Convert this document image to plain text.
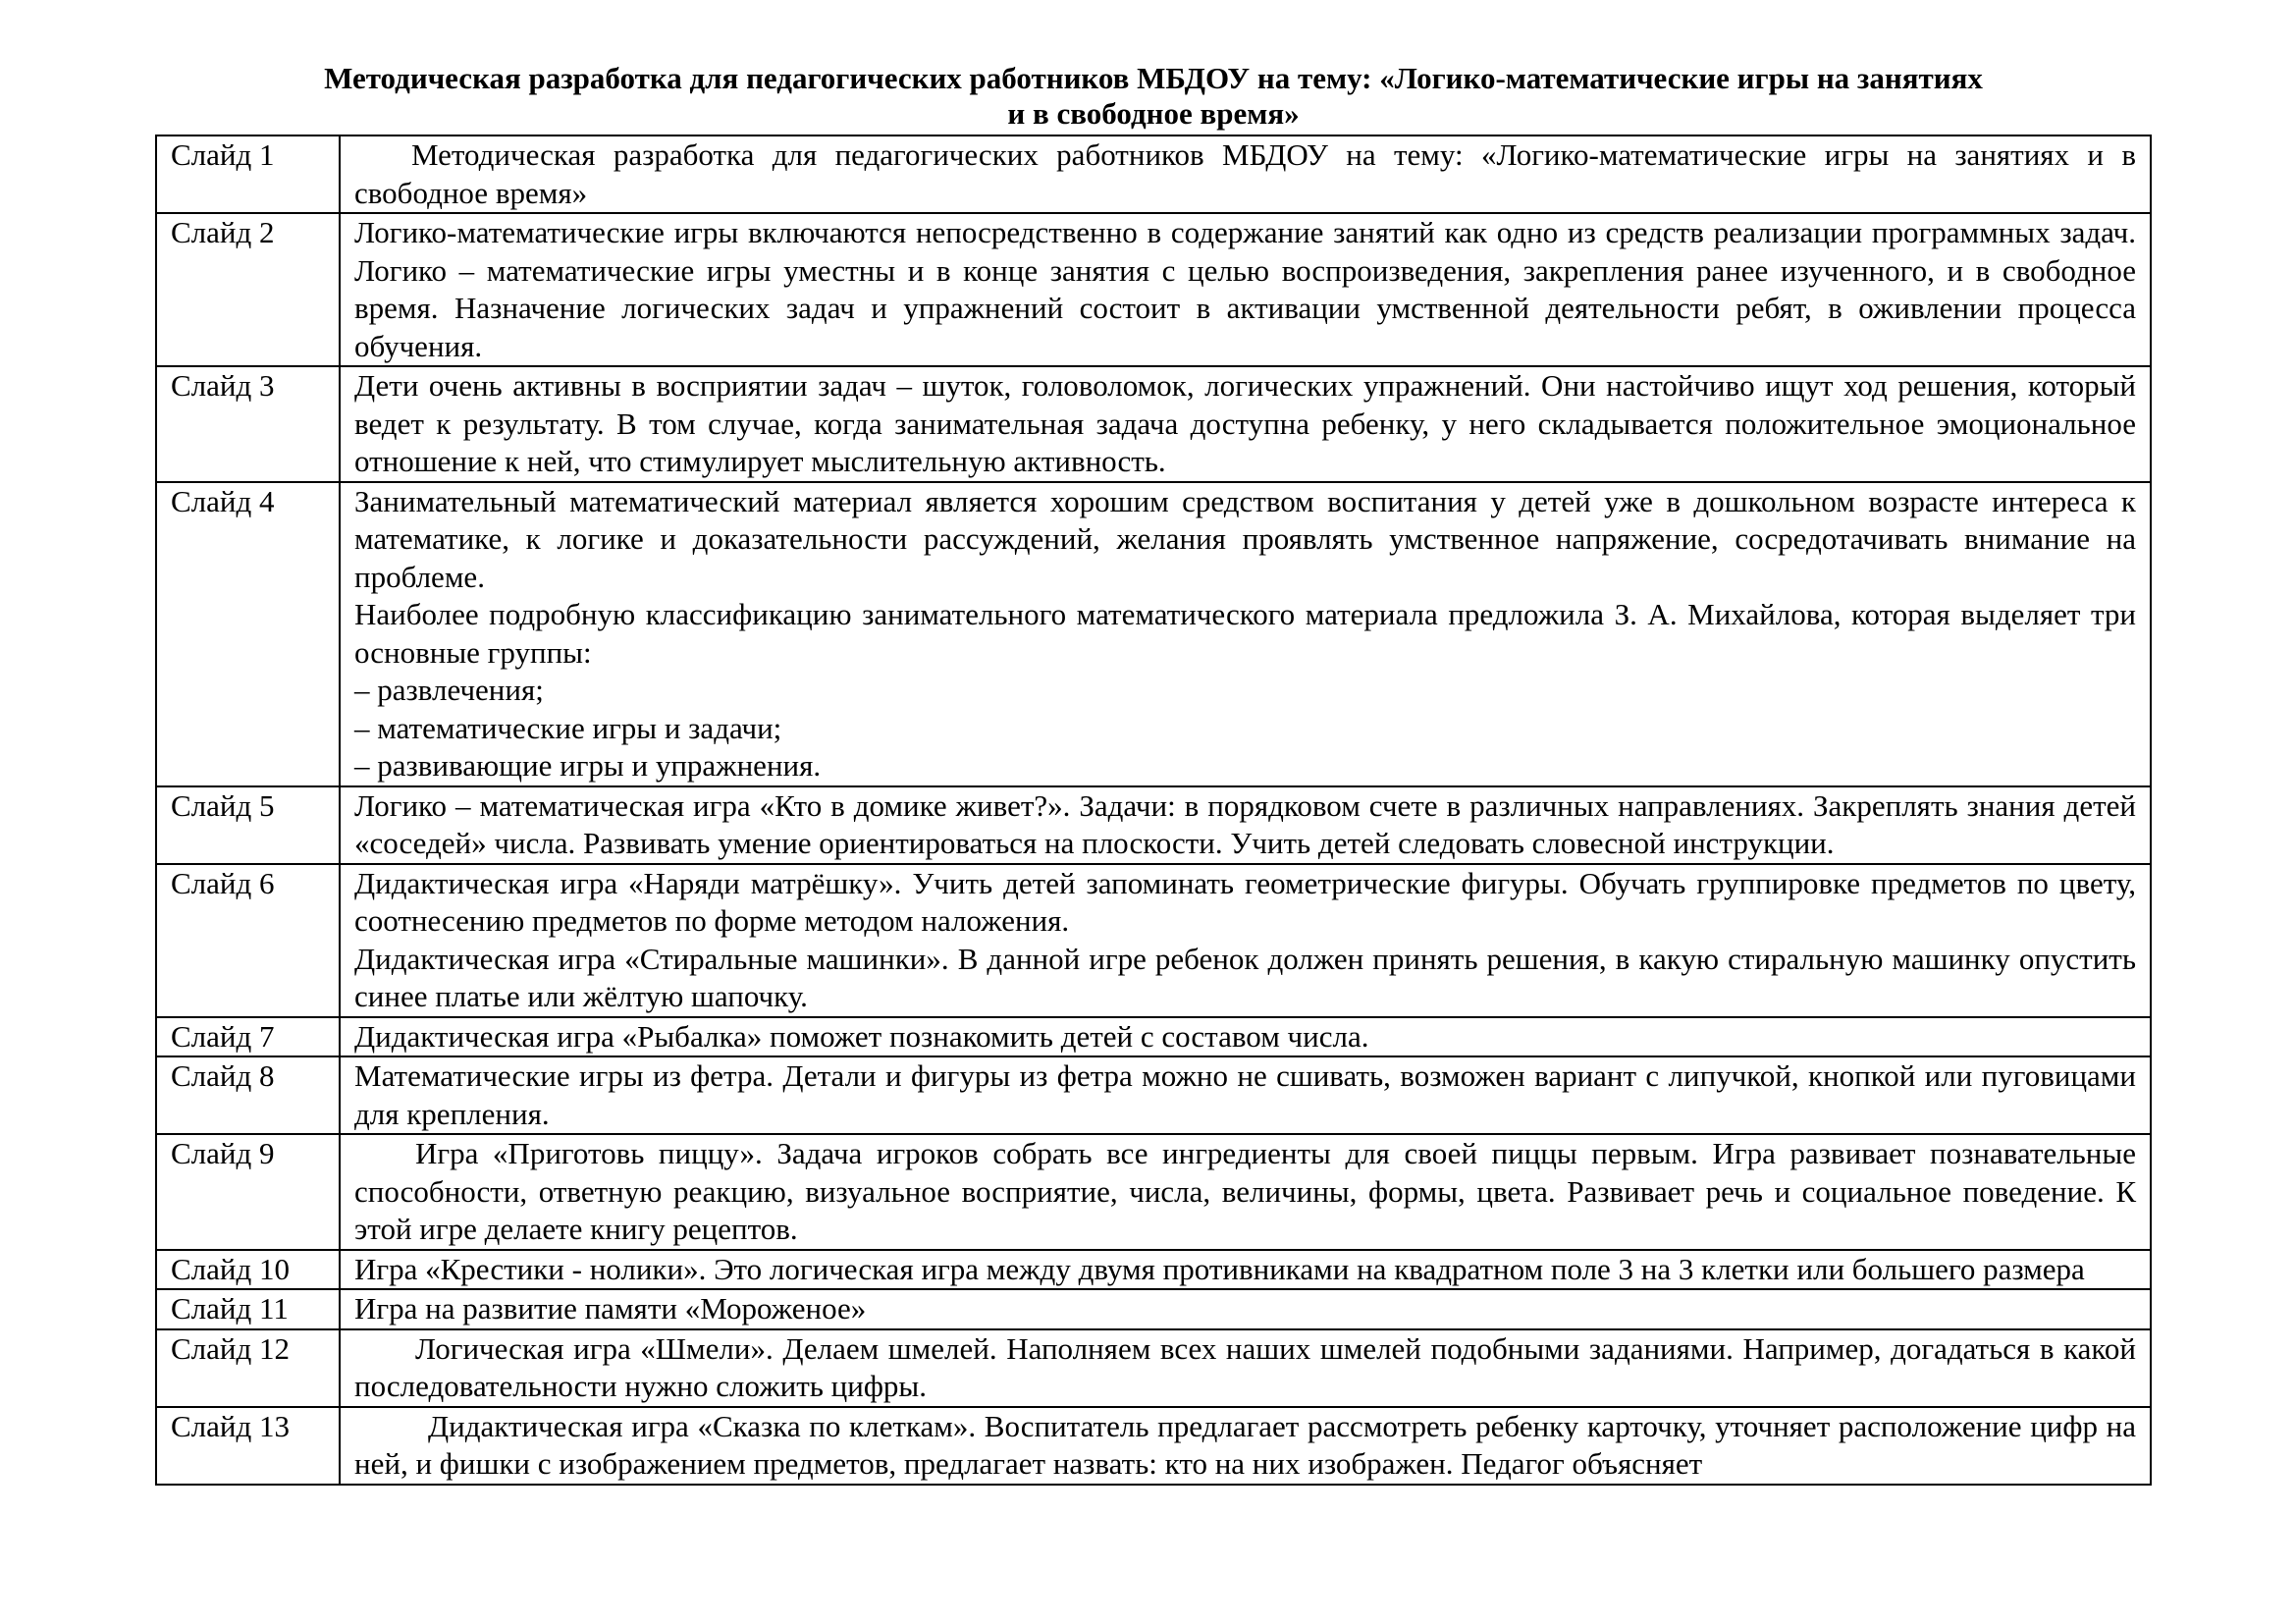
Методическая разработка для педагогических работников МБДОУ на тему: «Логико-математические игры на занятиях
и в свободное время»
Слайд 1	Методическая разработка для педагогических работников МБДОУ на тему: «Логико-математические игры на занятиях и в свободное время»

Слайд 2	Логико-математические игры включаются непосредственно в содержание занятий как одно из средств реализации программных задач. Логико – математические игры уместны и в конце занятия с целью воспроизведения, закрепления ранее изученного, и в свободное время. Назначение логических задач и упражнений состоит в активации умственной деятельности ребят, в оживлении процесса обучения.

Слайд 3	Дети очень активны в восприятии задач – шуток, головоломок, логических упражнений. Они настойчиво ищут ход решения, который ведет к результату. В том случае, когда занимательная задача доступна ребенку, у него складывается положительное эмоциональное отношение к ней, что стимулирует мыслительную активность.

Слайд 4	Занимательный математический материал является хорошим средством воспитания у детей уже в дошкольном возрасте интереса к математике, к логике и доказательности рассуждений, желания проявлять умственное напряжение, сосредотачивать внимание на проблеме.

Наиболее подробную классификацию занимательного математического материала предложила З. А. Михайлова, которая выделяет три основные группы:

– развлечения;

– математические игры и задачи;

– развивающие игры и упражнения.

Слайд 5	Логико – математическая игра «Кто в домике живет?». Задачи: в порядковом счете в различных направлениях. Закреплять знания детей «соседей» числа. Развивать умение ориентироваться на плоскости. Учить детей следовать словесной инструкции.

Слайд 6	Дидактическая игра «Наряди матрёшку». Учить детей запоминать геометрические фигуры. Обучать группировке предметов по цвету, соотнесению предметов по форме методом наложения.

Дидактическая игра «Стиральные машинки». В данной игре ребенок должен принять решения, в какую стиральную машинку опустить синее платье или жёлтую шапочку.

Слайд 7	Дидактическая игра «Рыбалка» поможет познакомить детей с составом числа.

Слайд 8	Математические игры из фетра. Детали и фигуры из фетра можно не сшивать, возможен вариант с липучкой, кнопкой или пуговицами для крепления.

Слайд 9	Игра «Приготовь пиццу». Задача игроков собрать все ингредиенты для своей пиццы первым. Игра развивает познавательные способности, ответную реакцию, визуальное восприятие, числа, величины, формы, цвета. Развивает речь и социальное поведение. К этой игре делаете книгу рецептов.

Слайд 10	Игра «Крестики - нолики». Это логическая игра между двумя противниками на квадратном поле 3 на 3 клетки или большего размера

Слайд 11	Игра на развитие памяти «Мороженое»

Слайд 12	Логическая игра «Шмели». Делаем шмелей. Наполняем всех наших шмелей подобными заданиями. Например, догадаться в какой последовательности нужно сложить цифры.

Слайд 13	Дидактическая игра «Сказка по клеткам». Воспитатель предлагает рассмотреть ребенку карточку, уточняет расположение цифр на ней, и фишки с изображением предметов, предлагает назвать: кто на них изображен. Педагог объясняет
